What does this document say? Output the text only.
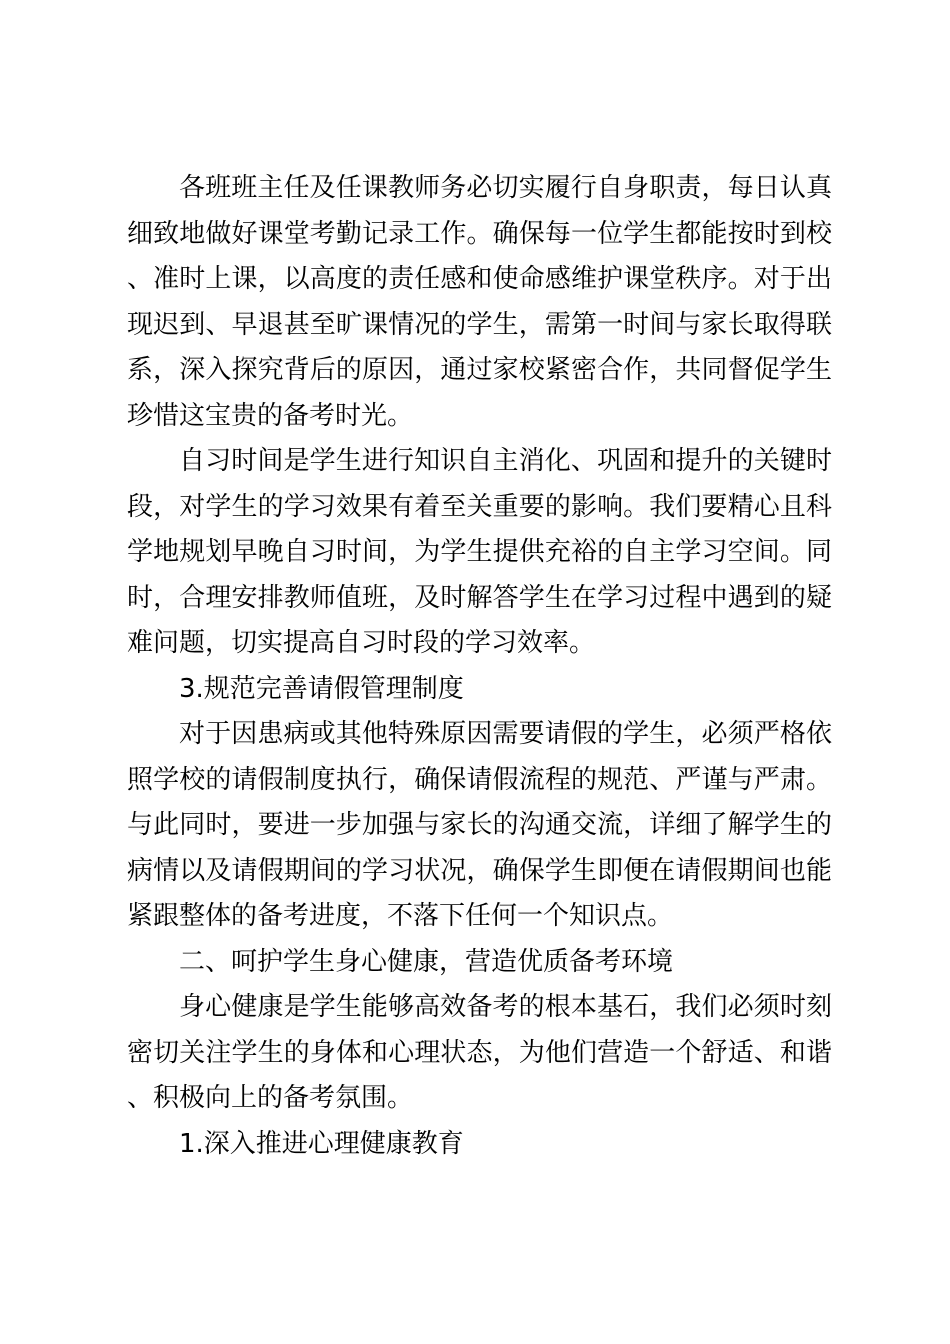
各班班主任及任课教师务必切实履行自身职责，每日认真细致地做好课堂考勤记录工作。确保每一位学生都能按时到校、准时上课，以高度的责任感和使命感维护课堂秩序。对于出现迟到、早退甚至旷课情况的学生，需第一时间与家长取得联系，深入探究背后的原因，通过家校紧密合作，共同督促学生珍惜这宝贵的备考时光。

自习时间是学生进行知识自主消化、巩固和提升的关键时段，对学生的学习效果有着至关重要的影响。我们要精心且科学地规划早晚自习时间，为学生提供充裕的自主学习空间。同时，合理安排教师值班，及时解答学生在学习过程中遇到的疑难问题，切实提高自习时段的学习效率。

3.规范完善请假管理制度

对于因患病或其他特殊原因需要请假的学生，必须严格依照学校的请假制度执行，确保请假流程的规范、严谨与严肃。与此同时，要进一步加强与家长的沟通交流，详细了解学生的病情以及请假期间的学习状况，确保学生即便在请假期间也能紧跟整体的备考进度，不落下任何一个知识点。

二、呵护学生身心健康，营造优质备考环境

身心健康是学生能够高效备考的根本基石，我们必须时刻密切关注学生的身体和心理状态，为他们营造一个舒适、和谐、积极向上的备考氛围。

1.深入推进心理健康教育
